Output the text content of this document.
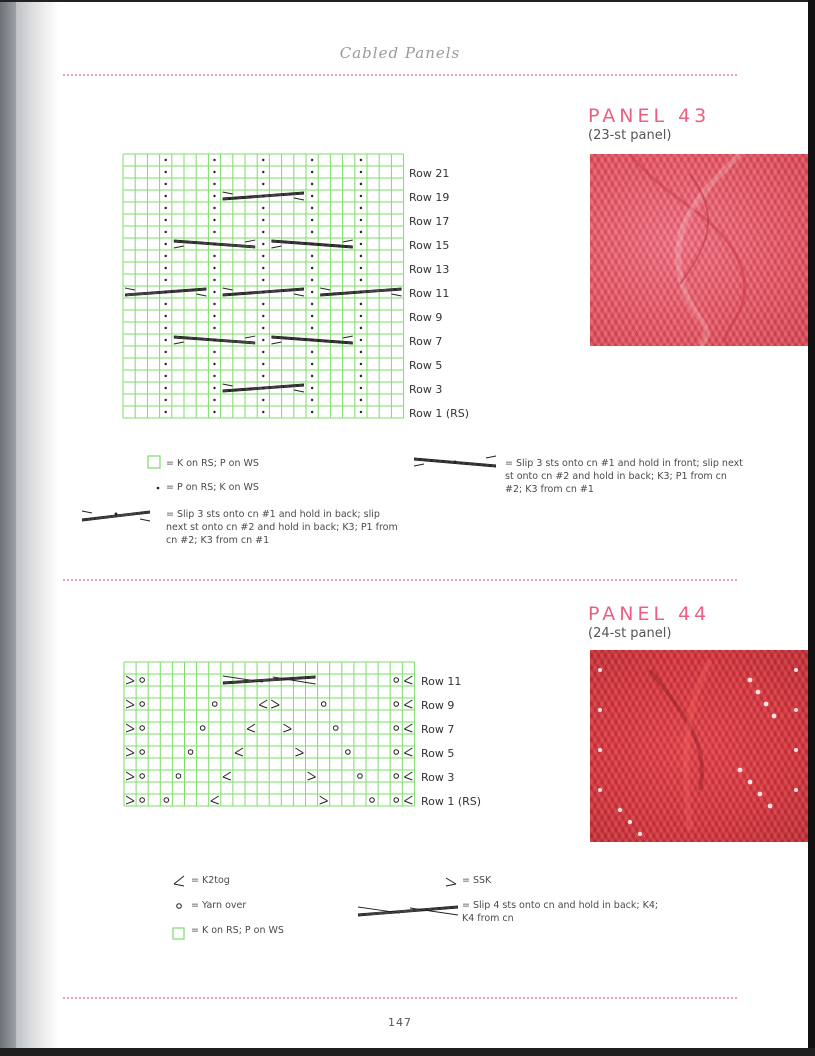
Cabled Panels
PANEL 43
(23-st panel)
Row 21
Row 19
Row 17
Row 15
Row 13
Row 11
Row 9
Row 7
Row 5
Row 3
Row 1 (RS)
= K on RS; P on WS
= P on RS; K on WS
= Slip 3 sts onto cn #1 and hold in back; slip next st onto cn #2 and hold in back; K3; P1 from cn #2; K3 from cn #1
= Slip 3 sts onto cn #1 and hold in front; slip next st onto cn #2 and hold in back; K3; P1 from cn #2; K3 from cn #1
PANEL 44
(24-st panel)
Row 11
Row 9
Row 7
Row 5
Row 3
Row 1 (RS)
= K2tog
= Yarn over
= K on RS; P on WS
= SSK
= Slip 4 sts onto cn and hold in back; K4; K4 from cn
147
